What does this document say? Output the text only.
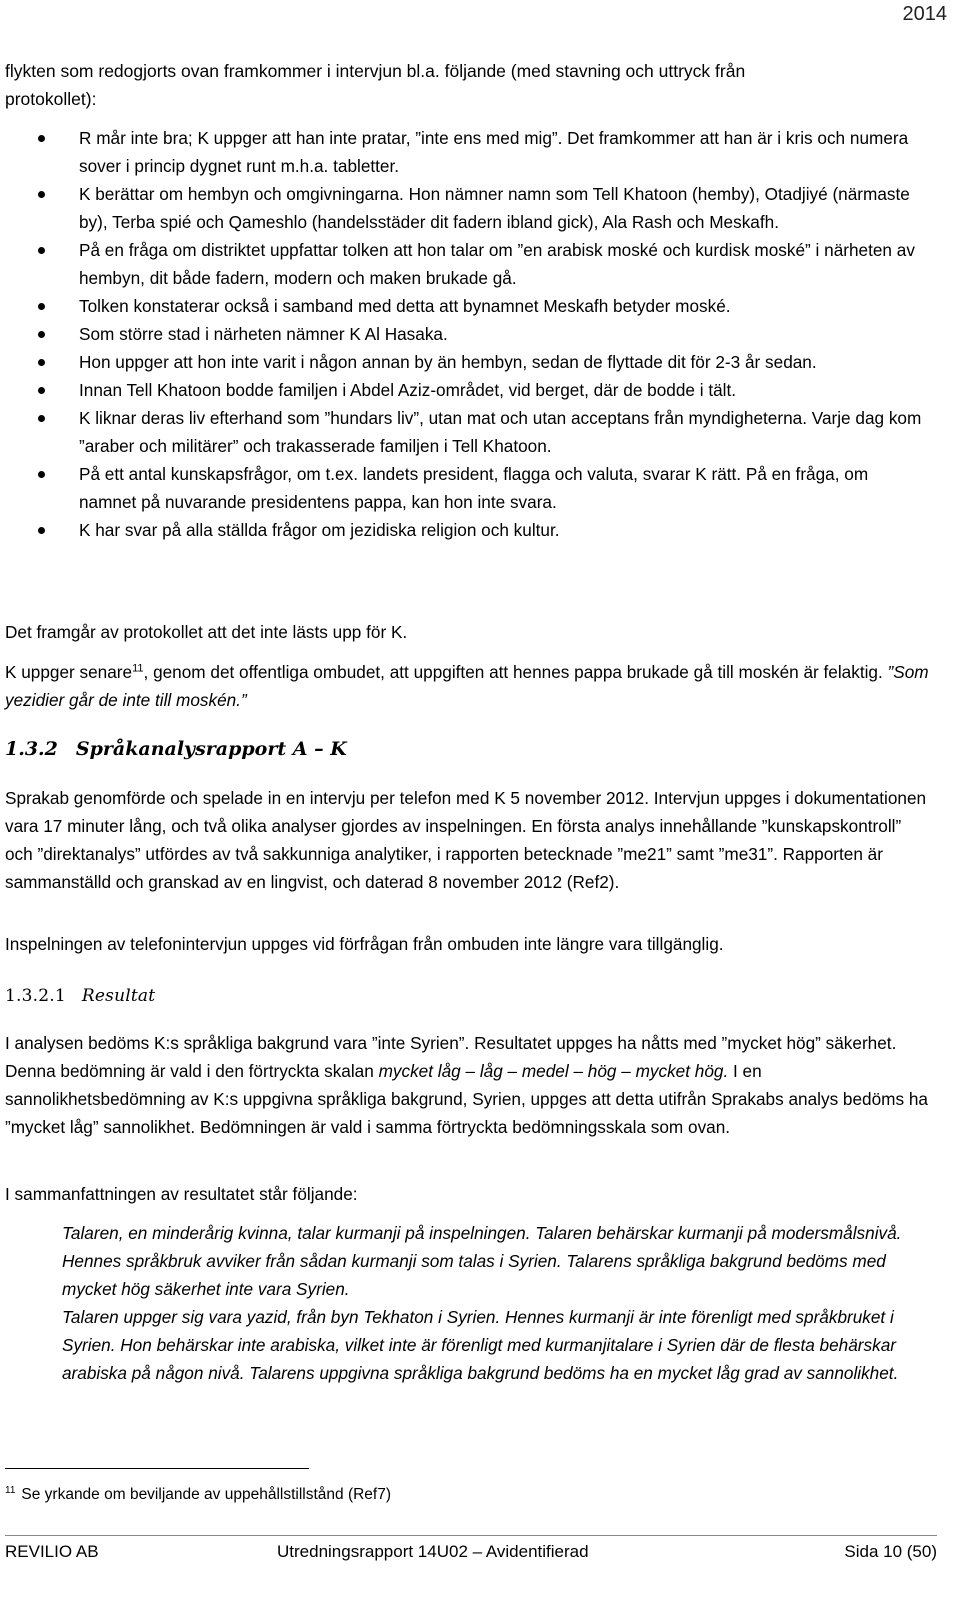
2014
flykten som redogjorts ovan framkommer i intervjun bl.a. följande (med stavning och uttryck från
protokollet):
R mår inte bra; K uppger att han inte pratar, ”inte ens med mig”. Det framkommer att han är i kris och numera sover i princip dygnet runt m.h.a. tabletter.
K berättar om hembyn och omgivningarna. Hon nämner namn som Tell Khatoon (hemby), Otadjiyé (närmaste by), Terba spié och Qameshlo (handelsstäder dit fadern ibland gick), Ala Rash och Meskafh.
På en fråga om distriktet uppfattar tolken att hon talar om ”en arabisk moské och kurdisk moské” i närheten av hembyn, dit både fadern, modern och maken brukade gå.
Tolken konstaterar också i samband med detta att bynamnet Meskafh betyder moské.
Som större stad i närheten nämner K Al Hasaka.
Hon uppger att hon inte varit i någon annan by än hembyn, sedan de flyttade dit för 2-3 år sedan.
Innan Tell Khatoon bodde familjen i Abdel Aziz-området, vid berget, där de bodde i tält.
K liknar deras liv efterhand som ”hundars liv”, utan mat och utan acceptans från myndigheterna. Varje dag kom ”araber och militärer” och trakasserade familjen i Tell Khatoon.
På ett antal kunskapsfrågor, om t.ex. landets president, flagga och valuta, svarar K rätt. På en fråga, om namnet på nuvarande presidentens pappa, kan hon inte svara.
K har svar på alla ställda frågor om jezidiska religion och kultur.
Det framgår av protokollet att det inte lästs upp för K.
K uppger senare$^{11}$, genom det offentliga ombudet, att uppgiften att hennes pappa brukade gå till moskén är felaktig. ”Som yezidier går de inte till moskén.”
1.3.2 Språkanalysrapport A – K
Sprakab genomförde och spelade in en intervju per telefon med K 5 november 2012. Intervjun uppges i dokumentationen vara 17 minuter lång, och två olika analyser gjordes av inspelningen. En första analys innehållande ”kunskapskontroll” och ”direktanalys” utfördes av två sakkunniga analytiker, i rapporten betecknade ”me21” samt ”me31”. Rapporten är sammanställd och granskad av en lingvist, och daterad 8 november 2012 (Ref2).
Inspelningen av telefonintervjun uppges vid förfrågan från ombuden inte längre vara tillgänglig.
1.3.2.1 Resultat
I analysen bedöms K:s språkliga bakgrund vara ”inte Syrien”. Resultatet uppges ha nåtts med ”mycket hög” säkerhet. Denna bedömning är vald i den förtryckta skalan mycket låg – låg – medel – hög – mycket hög. I en sannolikhetsbedömning av K:s uppgivna språkliga bakgrund, Syrien, uppges att detta utifrån Sprakabs analys bedöms ha ”mycket låg” sannolikhet. Bedömningen är vald i samma förtryckta bedömningsskala som ovan.
I sammanfattningen av resultatet står följande:
Talaren, en minderårig kvinna, talar kurmanji på inspelningen. Talaren behärskar kurmanji på modersmålsnivå. Hennes språkbruk avviker från sådan kurmanji som talas i Syrien. Talarens språkliga bakgrund bedöms med mycket hög säkerhet inte vara Syrien.
Talaren uppger sig vara yazid, från byn Tekhaton i Syrien. Hennes kurmanji är inte förenligt med språkbruket i Syrien. Hon behärskar inte arabiska, vilket inte är förenligt med kurmanjitalare i Syrien där de flesta behärskar arabiska på någon nivå. Talarens uppgivna språkliga bakgrund bedöms ha en mycket låg grad av sannolikhet.
$^{11}$ Se yrkande om beviljande av uppehållstillstånd (Ref7)
REVILIO AB	Utredningsrapport 14U02 – Avidentifierad	Sida 10 (50)
